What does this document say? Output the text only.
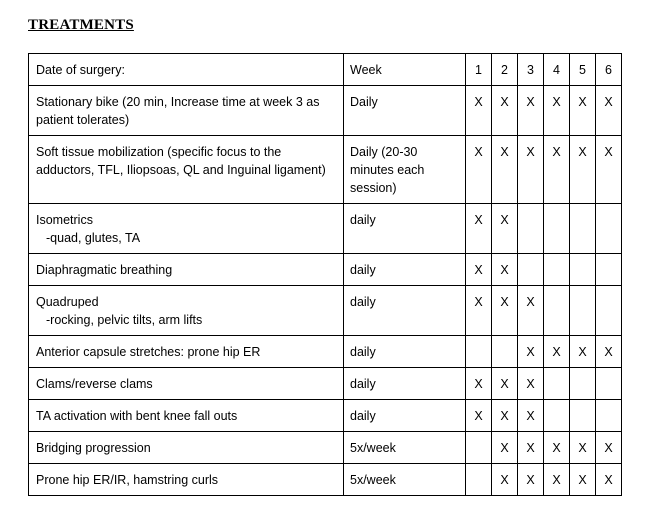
TREATMENTS
Date of surgery:	Week	1	2	3	4	5	6
Stationary bike (20 min, Increase time at week 3 as patient tolerates)	Daily	X	X	X	X	X	X
Soft tissue mobilization (specific focus to the adductors, TFL, Iliopsoas, QL and Inguinal ligament)	Daily (20-30 minutes each session)	X	X	X	X	X	X
Isometrics
-quad, glutes, TA	daily	X	X				
Diaphragmatic breathing	daily	X	X				
Quadruped
-rocking, pelvic tilts, arm lifts	daily	X	X	X			
Anterior capsule stretches: prone hip ER	daily			X	X	X	X
Clams/reverse clams	daily	X	X	X			
TA activation with bent knee fall outs	daily	X	X	X			
Bridging progression	5x/week		X	X	X	X	X
Prone hip ER/IR, hamstring curls	5x/week		X	X	X	X	X
